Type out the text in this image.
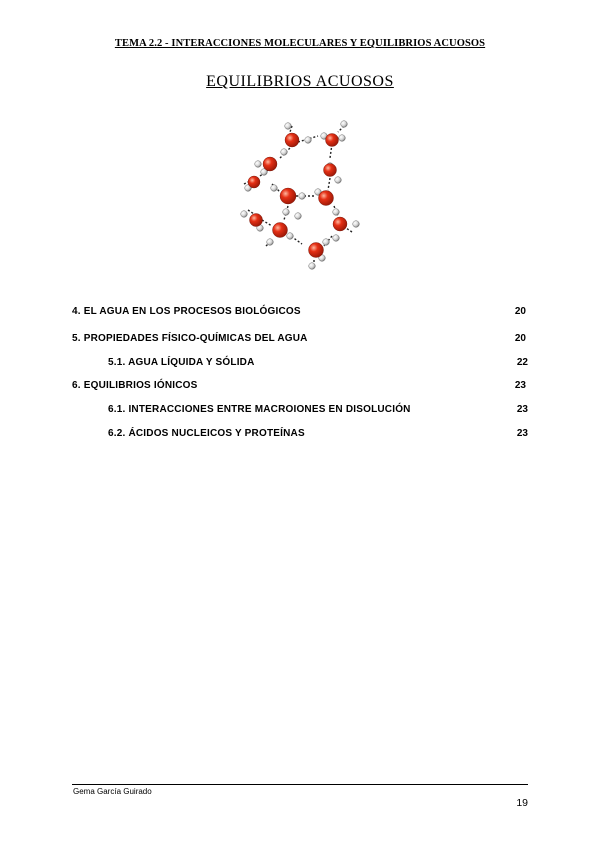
TEMA 2.2 - INTERACCIONES MOLECULARES Y EQUILIBRIOS ACUOSOS
EQUILIBRIOS ACUOSOS
4. EL AGUA EN LOS PROCESOS BIOLÓGICOS	20
5. PROPIEDADES FÍSICO-QUÍMICAS DEL AGUA	20
5.1. AGUA LÍQUIDA Y SÓLIDA	22
6. EQUILIBRIOS IÓNICOS	23
6.1. INTERACCIONES ENTRE MACROIONES EN DISOLUCIÓN	23
6.2. ÁCIDOS NUCLEICOS Y PROTEÍNAS	23
Gema García Guirado
19
